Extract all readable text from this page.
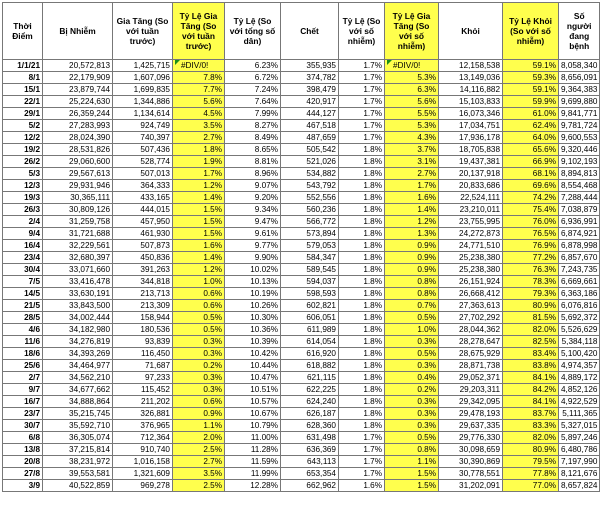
Thời Điểm	Bị Nhiễm	Gia Tăng (So với tuần trước)	Tỷ Lệ Gia Tăng (So với tuần trước)	Tỷ Lệ (So với tổng số dân)	Chết	Tỷ Lệ (So với số nhiễm)	Tỷ Lệ Gia Tăng (So với số nhiễm)	Khỏi	Tỷ Lệ Khỏi (So với số nhiễm)	Số người đang bệnh
1/1/21	20,572,813	1,425,715	#DIV/0!	6.23%	355,935	1.7%	#DIV/0!	12,158,538	59.1%	8,058,340
8/1	22,179,909	1,607,096	7.8%	6.72%	374,782	1.7%	5.3%	13,149,036	59.3%	8,656,091
15/1	23,879,744	1,699,835	7.7%	7.24%	398,479	1.7%	6.3%	14,116,882	59.1%	9,364,383
22/1	25,224,630	1,344,886	5.6%	7.64%	420,917	1.7%	5.6%	15,103,833	59.9%	9,699,880
29/1	26,359,244	1,134,614	4.5%	7.99%	444,127	1.7%	5.5%	16,073,346	61.0%	9,841,771
5/2	27,283,993	924,749	3.5%	8.27%	467,518	1.7%	5.3%	17,034,751	62.4%	9,781,724
12/2	28,024,390	740,397	2.7%	8.49%	487,659	1.7%	4.3%	17,936,178	64.0%	9,600,553
19/2	28,531,826	507,436	1.8%	8.65%	505,542	1.8%	3.7%	18,705,838	65.6%	9,320,446
26/2	29,060,600	528,774	1.9%	8.81%	521,026	1.8%	3.1%	19,437,381	66.9%	9,102,193
5/3	29,567,613	507,013	1.7%	8.96%	534,882	1.8%	2.7%	20,137,918	68.1%	8,894,813
12/3	29,931,946	364,333	1.2%	9.07%	543,792	1.8%	1.7%	20,833,686	69.6%	8,554,468
19/3	30,365,111	433,165	1.4%	9.20%	552,556	1.8%	1.6%	22,524,111	74.2%	7,288,444
26/3	30,809,126	444,015	1.5%	9.34%	560,236	1.8%	1.4%	23,210,011	75.4%	7,038,879
2/4	31,259,758	457,950	1.5%	9.47%	566,772	1.8%	1.2%	23,755,995	76.0%	6,936,991
9/4	31,721,688	461,930	1.5%	9.61%	573,894	1.8%	1.3%	24,272,873	76.5%	6,874,921
16/4	32,229,561	507,873	1.6%	9.77%	579,053	1.8%	0.9%	24,771,510	76.9%	6,878,998
23/4	32,680,397	450,836	1.4%	9.90%	584,347	1.8%	0.9%	25,238,380	77.2%	6,857,670
30/4	33,071,660	391,263	1.2%	10.02%	589,545	1.8%	0.9%	25,238,380	76.3%	7,243,735
7/5	33,416,478	344,818	1.0%	10.13%	594,037	1.8%	0.8%	26,151,924	78.3%	6,669,661
14/5	33,630,191	213,713	0.6%	10.19%	598,593	1.8%	0.8%	26,668,412	79.3%	6,363,186
21/5	33,843,500	213,309	0.6%	10.26%	602,821	1.8%	0.7%	27,363,613	80.9%	6,076,816
28/5	34,002,444	158,944	0.5%	10.30%	606,051	1.8%	0.5%	27,702,292	81.5%	5,692,372
4/6	34,182,980	180,536	0.5%	10.36%	611,989	1.8%	1.0%	28,044,362	82.0%	5,526,629
11/6	34,276,819	93,839	0.3%	10.39%	614,054	1.8%	0.3%	28,278,647	82.5%	5,384,118
18/6	34,393,269	116,450	0.3%	10.42%	616,920	1.8%	0.5%	28,675,929	83.4%	5,100,420
25/6	34,464,977	71,687	0.2%	10.44%	618,882	1.8%	0.3%	28,871,738	83.8%	4,974,357
2/7	34,562,210	97,233	0.3%	10.47%	621,115	1.8%	0.4%	29,052,371	84.1%	4,889,172
9/7	34,677,662	115,452	0.3%	10.51%	622,225	1.8%	0.2%	29,203,311	84.2%	4,852,126
16/7	34,888,864	211,202	0.6%	10.57%	624,240	1.8%	0.3%	29,342,095	84.1%	4,922,529
23/7	35,215,745	326,881	0.9%	10.67%	626,187	1.8%	0.3%	29,478,193	83.7%	5,111,365
30/7	35,592,710	376,965	1.1%	10.79%	628,360	1.8%	0.3%	29,637,335	83.3%	5,327,015
6/8	36,305,074	712,364	2.0%	11.00%	631,498	1.7%	0.5%	29,776,330	82.0%	5,897,246
13/8	37,215,814	910,740	2.5%	11.28%	636,369	1.7%	0.8%	30,098,659	80.9%	6,480,786
20/8	38,231,972	1,016,158	2.7%	11.59%	643,113	1.7%	1.1%	30,390,869	79.5%	7,197,990
27/8	39,553,581	1,321,609	3.5%	11.99%	653,354	1.7%	1.5%	30,778,551	77.8%	8,121,676
3/9	40,522,859	969,278	2.5%	12.28%	662,962	1.6%	1.5%	31,202,091	77.0%	8,657,824
